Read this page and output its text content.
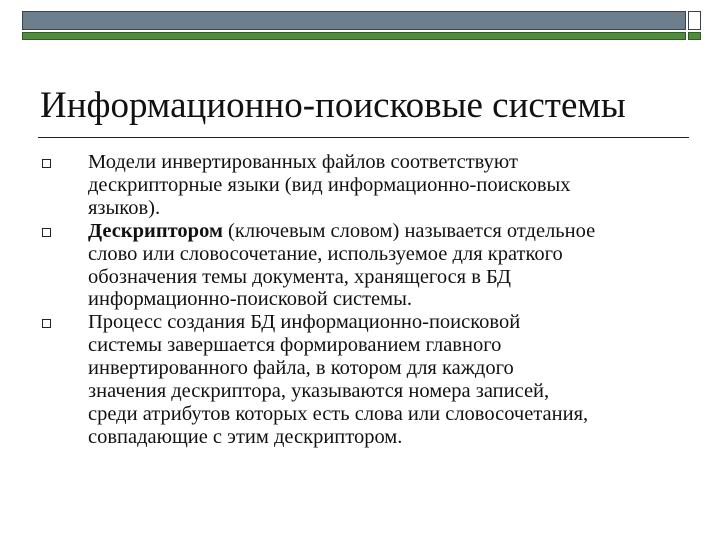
Информационно-поисковые системы
Модели инвертированных файлов соответствуют
дескрипторные языки (вид информационно-поисковых
языков).
Дескриптором (ключевым словом) называется отдельное
слово или словосочетание, используемое для краткого
обозначения темы документа, хранящегося в БД
информационно-поисковой системы.
Процесс создания БД информационно-поисковой
системы завершается формированием главного
инвертированного файла, в котором для каждого
значения дескриптора, указываются номера записей,
среди атрибутов которых есть слова или словосочетания,
совпадающие с этим дескриптором.
